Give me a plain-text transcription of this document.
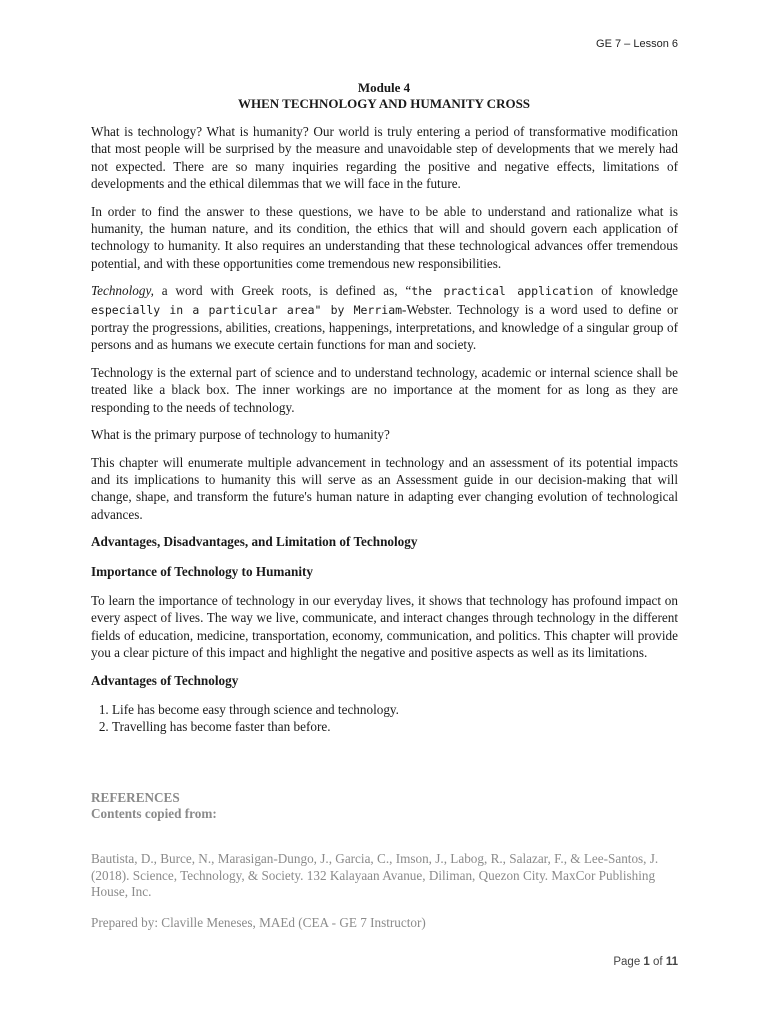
GE 7 – Lesson 6
Module 4
WHEN TECHNOLOGY AND HUMANITY CROSS

What is technology? What is humanity? Our world is truly entering a period of transformative modification that most people will be surprised by the measure and unavoidable step of developments that we merely had not expected. There are so many inquiries regarding the positive and negative effects, limitations of developments and the ethical dilemmas that we will face in the future.

In order to find the answer to these questions, we have to be able to understand and rationalize what is humanity, the human nature, and its condition, the ethics that will and should govern each application of technology to humanity. It also requires an understanding that these technological advances offer tremendous potential, and with these opportunities come tremendous new responsibilities.

Technology, a word with Greek roots, is defined as, “the practical application of knowledge especially in a particular area" by Merriam-Webster. Technology is a word used to define or portray the progressions, abilities, creations, happenings, interpretations, and knowledge of a singular group of persons and as humans we execute certain functions for man and society.

Technology is the external part of science and to understand technology, academic or internal science shall be treated like a black box. The inner workings are no importance at the moment for as long as they are responding to the needs of technology.

What is the primary purpose of technology to humanity?

This chapter will enumerate multiple advancement in technology and an assessment of its potential impacts and its implications to humanity this will serve as an Assessment guide in our decision-making that will change, shape, and transform the future's human nature in adapting ever changing evolution of technological advances.

Advantages, Disadvantages, and Limitation of Technology

Importance of Technology to Humanity

To learn the importance of technology in our everyday lives, it shows that technology has profound impact on every aspect of lives. The way we live, communicate, and interact changes through technology in the different fields of education, medicine, transportation, economy, communication, and politics. This chapter will provide you a clear picture of this impact and highlight the negative and positive aspects as well as its limitations.

Advantages of Technology

1. Life has become easy through science and technology.
2. Travelling has become faster than before.

REFERENCES

Contents copied from:

Bautista, D., Burce, N., Marasigan-Dungo, J., Garcia, C., Imson, J., Labog, R., Salazar, F., & Lee-Santos, J. (2018). Science, Technology, & Society. 132 Kalayaan Avanue, Diliman, Quezon City. MaxCor Publishing House, Inc.

Prepared by: Claville Meneses, MAEd (CEA - GE 7 Instructor)

Page 1 of 11
